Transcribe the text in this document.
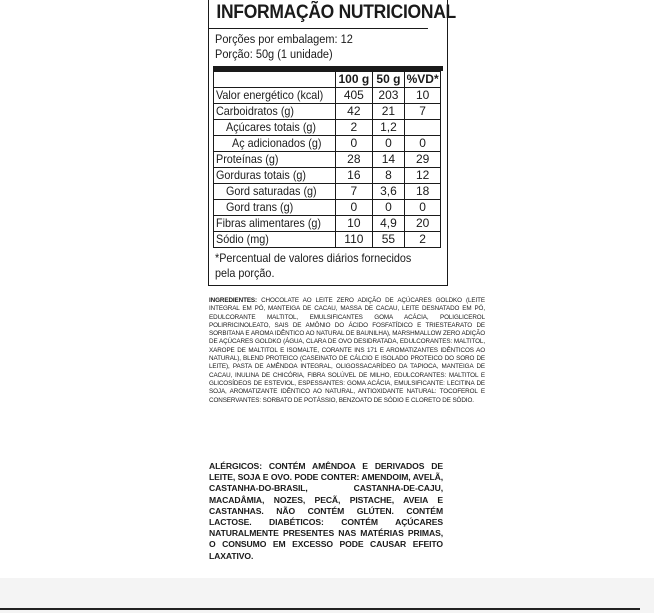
INFORMAÇÃO NUTRICIONAL
Porções por embalagem: 12
Porção: 50g (1 unidade)
	100 g	50 g	%VD*
Valor energético (kcal)	405	203	10
Carboidratos (g)	42	21	7
Açúcares totais (g)	2	1,2	
Aç adicionados (g)	0	0	0
Proteínas (g)	28	14	29
Gorduras totais (g)	16	8	12
Gord saturadas (g)	7	3,6	18
Gord trans (g)	0	0	0
Fibras alimentares (g)	10	4,9	20
Sódio (mg)	110	55	2
*Percentual de valores diários fornecidos
pela porção.
INGREDIENTES: CHOCOLATE AO LEITE ZERO ADIÇÃO DE AÇÚCARES GOLDKO (LEITE INTEGRAL EM PÓ, MANTEIGA DE CACAU, MASSA DE CACAU, LEITE DESNATADO EM PÓ, EDULCORANTE MALTITOL, EMULSIFICANTES GOMA ACÁCIA, POLIGLICEROL POLIRRICINOLEATO, SAIS DE AMÔNIO DO ÁCIDO FOSFATÍDICO E TRIESTEARATO DE SORBITANA E AROMA IDÊNTICO AO NATURAL DE BAUNILHA), MARSHMALLOW ZERO ADIÇÃO DE AÇÚCARES GOLDKO (ÁGUA, CLARA DE OVO DESIDRATADA, EDULCORANTES: MALTITOL, XAROPE DE MALTITOL E ISOMALTE, CORANTE INS 171 E AROMATIZANTES IDÊNTICOS AO NATURAL), BLEND PROTEICO (CASEINATO DE CÁLCIO E ISOLADO PROTEICO DO SORO DE LEITE), PASTA DE AMÊNDOA INTEGRAL, OLIGOSSACARÍDEO DA TAPIOCA, MANTEIGA DE CACAU, INULINA DE CHICÓRIA, FIBRA SOLÚVEL DE MILHO, EDULCORANTES: MALTITOL E GLICOSÍDEOS DE ESTEVIOL, ESPESSANTES: GOMA ACÁCIA, EMULSIFICANTE: LECITINA DE SOJA, AROMATIZANTE IDÊNTICO AO NATURAL, ANTIOXIDANTE NATURAL: TOCOFEROL E CONSERVANTES: SORBATO DE POTÁSSIO, BENZOATO DE SÓDIO E CLORETO DE SÓDIO.
ALÉRGICOS: CONTÉM AMÊNDOA E DERIVADOS DE LEITE, SOJA E OVO. PODE CONTER: AMENDOIM, AVELÃ, CASTANHA-DO-BRASIL, CASTANHA-DE-CAJU, MACADÂMIA, NOZES, PECÃ, PISTACHE, AVEIA E CASTANHAS. NÃO CONTÉM GLÚTEN. CONTÉM LACTOSE. DIABÉTICOS: CONTÉM AÇÚCARES NATURALMENTE PRESENTES NAS MATÉRIAS PRIMAS, O CONSUMO EM EXCESSO PODE CAUSAR EFEITO LAXATIVO.
